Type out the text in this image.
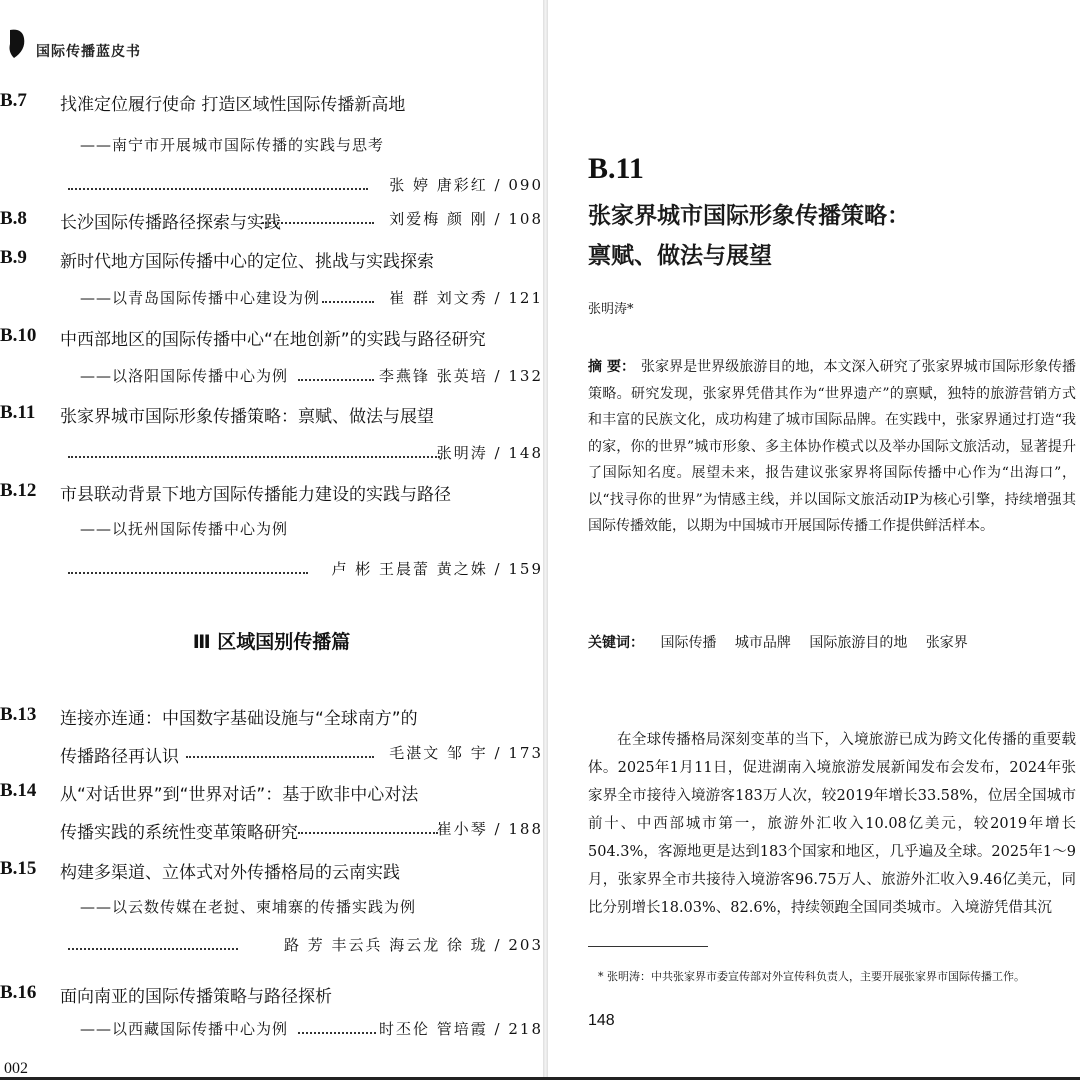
国际传播蓝皮书
B.7 找准定位履行使命 打造区域性国际传播新高地
——南宁市开展城市国际传播的实践与思考
张 婷 唐彩红 / 090
B.8 长沙国际传播路径探索与实践	刘爱梅 颜 刚 / 108
B.9 新时代地方国际传播中心的定位、挑战与实践探索
——以青岛国际传播中心建设为例	崔 群 刘文秀 / 121
B.10 中西部地区的国际传播中心“在地创新”的实践与路径研究
——以洛阳国际传播中心为例	李燕锋 张英培 / 132
B.11 张家界城市国际形象传播策略：禀赋、做法与展望
张明涛 / 148
B.12 市县联动背景下地方国际传播能力建设的实践与路径
——以抚州国际传播中心为例
卢 彬 王晨蕾 黄之姝 / 159
Ⅲ 区域国别传播篇
B.13 连接亦连通：中国数字基础设施与“全球南方”的
传播路径再认识	毛湛文 邹 宇 / 173
B.14 从“对话世界”到“世界对话”：基于欧非中心对法
传播实践的系统性变革策略研究	崔小琴 / 188
B.15 构建多渠道、立体式对外传播格局的云南实践
——以云数传媒在老挝、柬埔寨的传播实践为例
路 芳 丰云兵 海云龙 徐 珑 / 203
B.16 面向南亚的国际传播策略与路径探析
——以西藏国际传播中心为例	时丕伦 管培霞 / 218
002
B.11
张家界城市国际形象传播策略：
禀赋、做法与展望
张明涛*
摘 要： 张家界是世界级旅游目的地，本文深入研究了张家界城市国际形象传播策略。研究发现，张家界凭借其作为“世界遗产”的禀赋，独特的旅游营销方式和丰富的民族文化，成功构建了城市国际品牌。在实践中，张家界通过打造“我的家，你的世界”城市形象、多主体协作模式以及举办国际文旅活动，显著提升了国际知名度。展望未来，报告建议张家界将国际传播中心作为“出海口”，以“找寻你的世界”为情感主线，并以国际文旅活动IP为核心引擎，持续增强其国际传播效能，以期为中国城市开展国际传播工作提供鲜活样本。
关键词： 国际传播 城市品牌 国际旅游目的地 张家界
在全球传播格局深刻变革的当下，入境旅游已成为跨文化传播的重要载体。2025年1月11日，促进湖南入境旅游发展新闻发布会发布，2024年张家界全市接待入境游客183万人次，较2019年增长33.58%，位居全国城市前十、中西部城市第一，旅游外汇收入10.08亿美元，较2019年增长504.3%，客源地更是达到183个国家和地区，几乎遍及全球。2025年1～9月，张家界全市共接待入境游客96.75万人、旅游外汇收入9.46亿美元，同比分别增长18.03%、82.6%，持续领跑全国同类城市。入境游凭借其沉
* 张明涛：中共张家界市委宣传部对外宣传科负责人，主要开展张家界市国际传播工作。
148
